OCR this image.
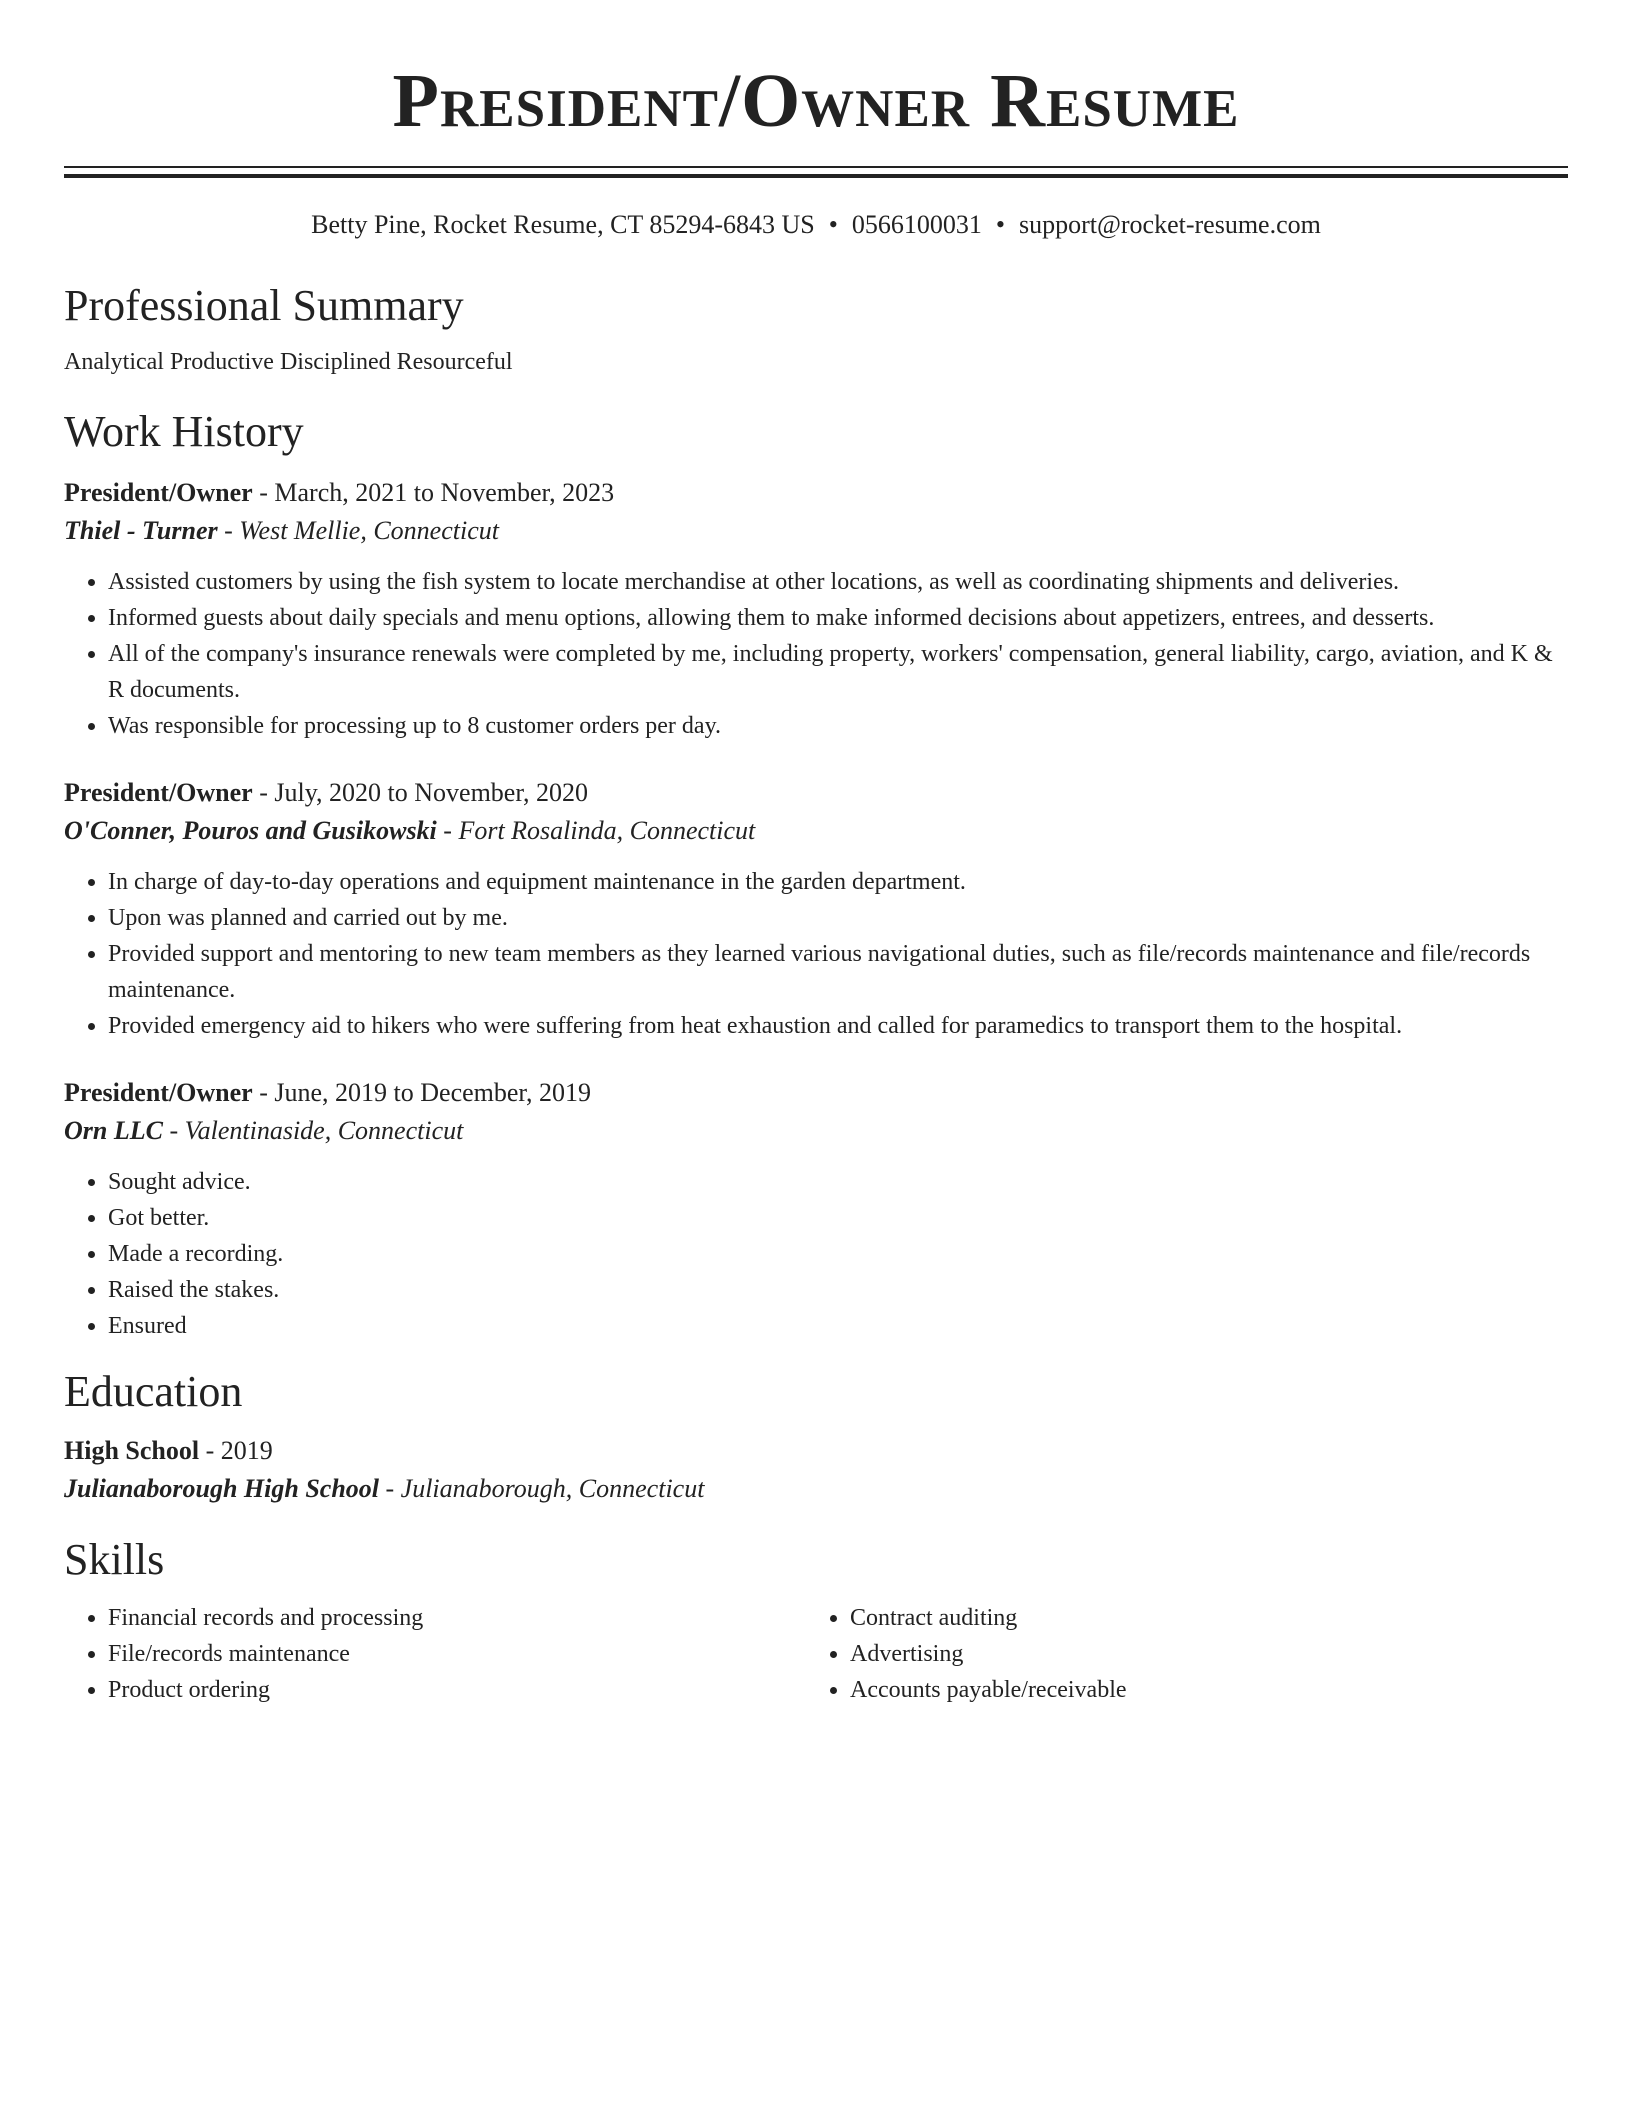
President/Owner Resume
Betty Pine, Rocket Resume, CT 85294-6843 US • 0566100031 • support@rocket-resume.com
Professional Summary
Analytical Productive Disciplined Resourceful
Work History
President/Owner - March, 2021 to November, 2023
Thiel - Turner - West Mellie, Connecticut
• Assisted customers by using the fish system to locate merchandise at other locations, as well as coordinating shipments and deliveries.
• Informed guests about daily specials and menu options, allowing them to make informed decisions about appetizers, entrees, and desserts.
• All of the company's insurance renewals were completed by me, including property, workers' compensation, general liability, cargo, aviation, and K & R documents.
• Was responsible for processing up to 8 customer orders per day.
President/Owner - July, 2020 to November, 2020
O'Conner, Pouros and Gusikowski - Fort Rosalinda, Connecticut
• In charge of day-to-day operations and equipment maintenance in the garden department.
• Upon was planned and carried out by me.
• Provided support and mentoring to new team members as they learned various navigational duties, such as file/records maintenance and file/records maintenance.
• Provided emergency aid to hikers who were suffering from heat exhaustion and called for paramedics to transport them to the hospital.
President/Owner - June, 2019 to December, 2019
Orn LLC - Valentinaside, Connecticut
• Sought advice.
• Got better.
• Made a recording.
• Raised the stakes.
• Ensured
Education
High School - 2019
Julianaborough High School - Julianaborough, Connecticut
Skills
• Financial records and processing
• File/records maintenance
• Product ordering
• Contract auditing
• Advertising
• Accounts payable/receivable
